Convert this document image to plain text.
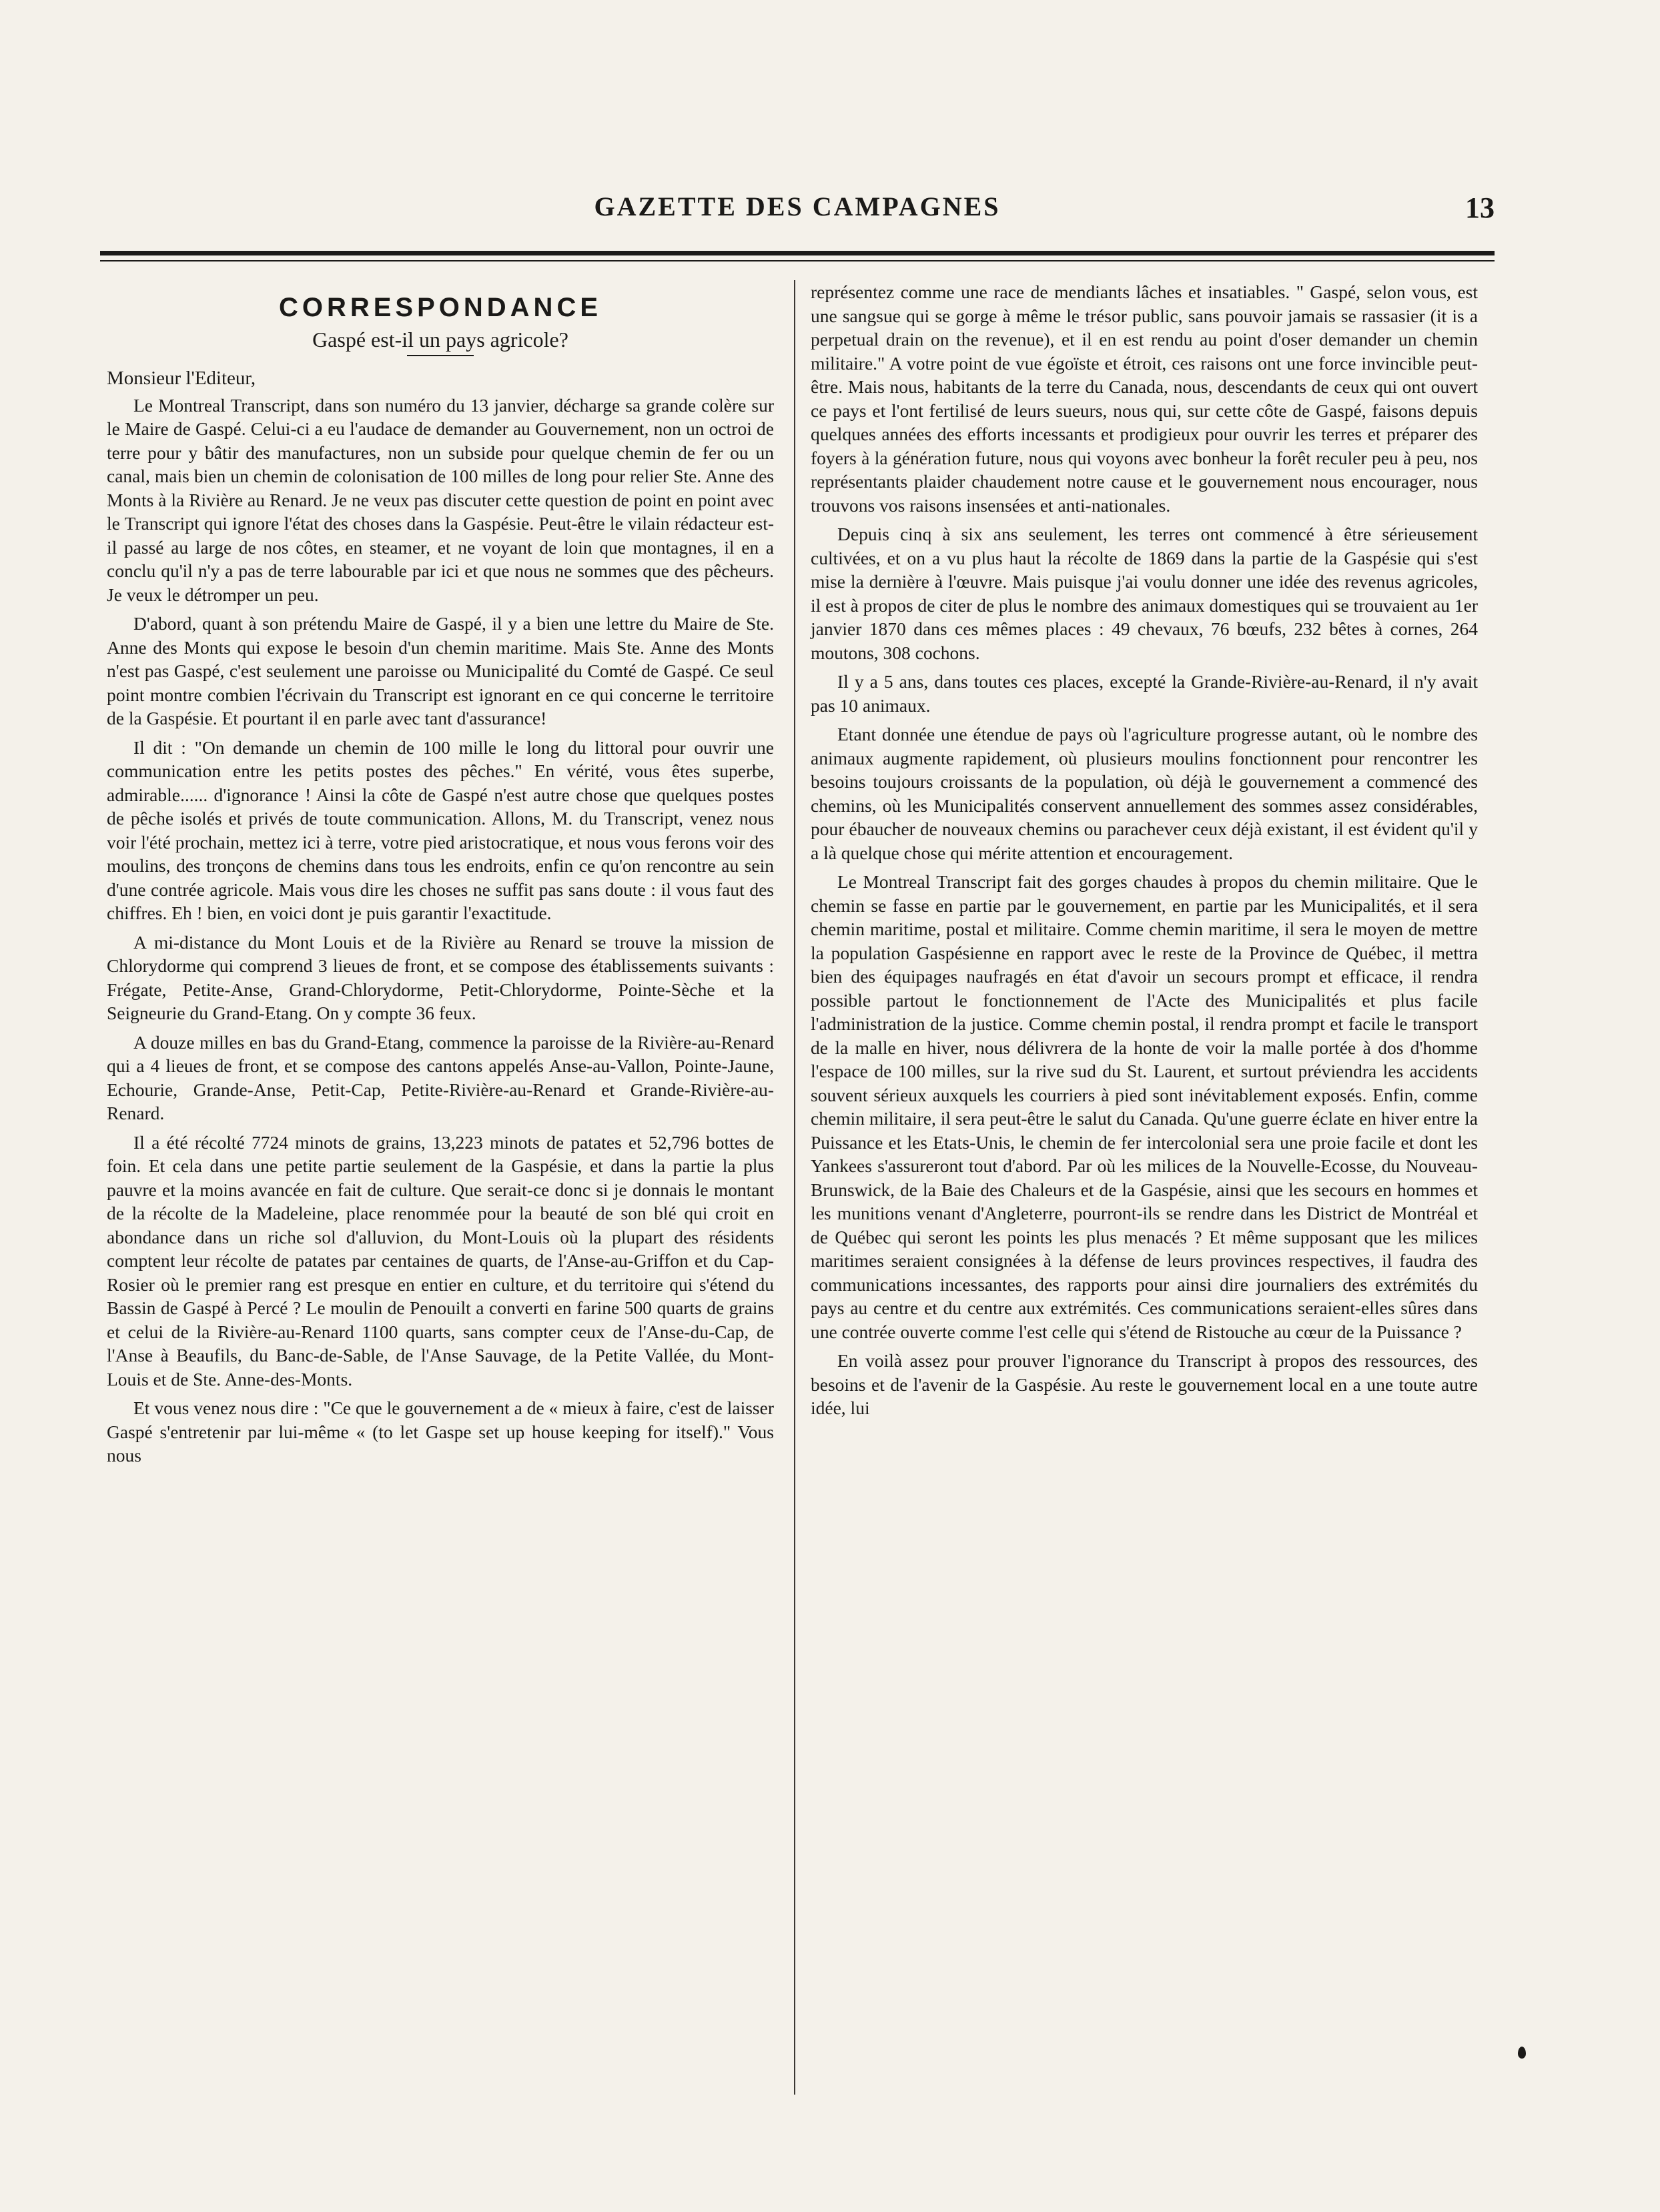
GAZETTE DES CAMPAGNES	13
CORRESPONDANCE
Gaspé est-il un pays agricole?
Monsieur l'Editeur,

Le Montreal Transcript, dans son numéro du 13 janvier, décharge sa grande colère sur le Maire de Gaspé. Celui-ci a eu l'audace de demander au Gouvernement, non un octroi de terre pour y bâtir des manufactures, non un subside pour quelque chemin de fer ou un canal, mais bien un chemin de colonisation de 100 milles de long pour relier Ste. Anne des Monts à la Rivière au Renard. Je ne veux pas discuter cette question de point en point avec le Transcript qui ignore l'état des choses dans la Gaspésie. Peut-être le vilain rédacteur est-il passé au large de nos côtes, en steamer, et ne voyant de loin que montagnes, il en a conclu qu'il n'y a pas de terre labourable par ici et que nous ne sommes que des pêcheurs. Je veux le détromper un peu.

D'abord, quant à son prétendu Maire de Gaspé, il y a bien une lettre du Maire de Ste. Anne des Monts qui expose le besoin d'un chemin maritime. Mais Ste. Anne des Monts n'est pas Gaspé, c'est seulement une paroisse ou Municipalité du Comté de Gaspé. Ce seul point montre combien l'écrivain du Transcript est ignorant en ce qui concerne le territoire de la Gaspésie. Et pourtant il en parle avec tant d'assurance!

Il dit : "On demande un chemin de 100 mille le long du littoral pour ouvrir une communication entre les petits postes des pêches." En vérité, vous êtes superbe, admirable...... d'ignorance ! Ainsi la côte de Gaspé n'est autre chose que quelques postes de pêche isolés et privés de toute communication. Allons, M. du Transcript, venez nous voir l'été prochain, mettez ici à terre, votre pied aristocratique, et nous vous ferons voir des moulins, des tronçons de chemins dans tous les endroits, enfin ce qu'on rencontre au sein d'une contrée agricole. Mais vous dire les choses ne suffit pas sans doute : il vous faut des chiffres. Eh ! bien, en voici dont je puis garantir l'exactitude.

A mi-distance du Mont Louis et de la Rivière au Renard se trouve la mission de Chlorydorme qui comprend 3 lieues de front, et se compose des établissements suivants : Frégate, Petite-Anse, Grand-Chlorydorme, Petit-Chlorydorme, Pointe-Sèche et la Seigneurie du Grand-Etang. On y compte 36 feux.

A douze milles en bas du Grand-Etang, commence la paroisse de la Rivière-au-Renard qui a 4 lieues de front, et se compose des cantons appelés Anse-au-Vallon, Pointe-Jaune, Echourie, Grande-Anse, Petit-Cap, Petite-Rivière-au-Renard et Grande-Rivière-au-Renard.

Il a été récolté 7724 minots de grains, 13,223 minots de patates et 52,796 bottes de foin. Et cela dans une petite partie seulement de la Gaspésie, et dans la partie la plus pauvre et la moins avancée en fait de culture. Que serait-ce donc si je donnais le montant de la récolte de la Madeleine, place renommée pour la beauté de son blé qui croit en abondance dans un riche sol d'alluvion, du Mont-Louis où la plupart des résidents comptent leur récolte de patates par centaines de quarts, de l'Anse-au-Griffon et du Cap-Rosier où le premier rang est presque en entier en culture, et du territoire qui s'étend du Bassin de Gaspé à Percé ? Le moulin de Penouilt a converti en farine 500 quarts de grains et celui de la Rivière-au-Renard 1100 quarts, sans compter ceux de l'Anse-du-Cap, de l'Anse à Beaufils, du Banc-de-Sable, de l'Anse Sauvage, de la Petite Vallée, du Mont-Louis et de Ste. Anne-des-Monts.

Et vous venez nous dire : "Ce que le gouvernement a de « mieux à faire, c'est de laisser Gaspé s'entretenir par lui-même « (to let Gaspe set up house keeping for itself)." Vous nous

représentez comme une race de mendiants lâches et insatiables. " Gaspé, selon vous, est une sangsue qui se gorge à même le trésor public, sans pouvoir jamais se rassasier (it is a perpetual drain on the revenue), et il en est rendu au point d'oser demander un chemin militaire." A votre point de vue égoïste et étroit, ces raisons ont une force invincible peut-être. Mais nous, habitants de la terre du Canada, nous, descendants de ceux qui ont ouvert ce pays et l'ont fertilisé de leurs sueurs, nous qui, sur cette côte de Gaspé, faisons depuis quelques années des efforts incessants et prodigieux pour ouvrir les terres et préparer des foyers à la génération future, nous qui voyons avec bonheur la forêt reculer peu à peu, nos représentants plaider chaudement notre cause et le gouvernement nous encourager, nous trouvons vos raisons insensées et anti-nationales.

Depuis cinq à six ans seulement, les terres ont commencé à être sérieusement cultivées, et on a vu plus haut la récolte de 1869 dans la partie de la Gaspésie qui s'est mise la dernière à l'œuvre. Mais puisque j'ai voulu donner une idée des revenus agricoles, il est à propos de citer de plus le nombre des animaux domestiques qui se trouvaient au 1er janvier 1870 dans ces mêmes places : 49 chevaux, 76 bœufs, 232 bêtes à cornes, 264 moutons, 308 cochons.

Il y a 5 ans, dans toutes ces places, excepté la Grande-Rivière-au-Renard, il n'y avait pas 10 animaux.

Etant donnée une étendue de pays où l'agriculture progresse autant, où le nombre des animaux augmente rapidement, où plusieurs moulins fonctionnent pour rencontrer les besoins toujours croissants de la population, où déjà le gouvernement a commencé des chemins, où les Municipalités conservent annuellement des sommes assez considérables, pour ébaucher de nouveaux chemins ou parachever ceux déjà existant, il est évident qu'il y a là quelque chose qui mérite attention et encouragement.

Le Montreal Transcript fait des gorges chaudes à propos du chemin militaire. Que le chemin se fasse en partie par le gouvernement, en partie par les Municipalités, et il sera chemin maritime, postal et militaire. Comme chemin maritime, il sera le moyen de mettre la population Gaspésienne en rapport avec le reste de la Province de Québec, il mettra bien des équipages naufragés en état d'avoir un secours prompt et efficace, il rendra possible partout le fonctionnement de l'Acte des Municipalités et plus facile l'administration de la justice. Comme chemin postal, il rendra prompt et facile le transport de la malle en hiver, nous délivrera de la honte de voir la malle portée à dos d'homme l'espace de 100 milles, sur la rive sud du St. Laurent, et surtout préviendra les accidents souvent sérieux auxquels les courriers à pied sont inévitablement exposés. Enfin, comme chemin militaire, il sera peut-être le salut du Canada. Qu'une guerre éclate en hiver entre la Puissance et les Etats-Unis, le chemin de fer intercolonial sera une proie facile et dont les Yankees s'assureront tout d'abord. Par où les milices de la Nouvelle-Ecosse, du Nouveau-Brunswick, de la Baie des Chaleurs et de la Gaspésie, ainsi que les secours en hommes et les munitions venant d'Angleterre, pourront-ils se rendre dans les District de Montréal et de Québec qui seront les points les plus menacés ? Et même supposant que les milices maritimes seraient consignées à la défense de leurs provinces respectives, il faudra des communications incessantes, des rapports pour ainsi dire journaliers des extrémités du pays au centre et du centre aux extrémités. Ces communications seraient-elles sûres dans une contrée ouverte comme l'est celle qui s'étend de Ristouche au cœur de la Puissance ?

En voilà assez pour prouver l'ignorance du Transcript à propos des ressources, des besoins et de l'avenir de la Gaspésie. Au reste le gouvernement local en a une toute autre idée, lui
